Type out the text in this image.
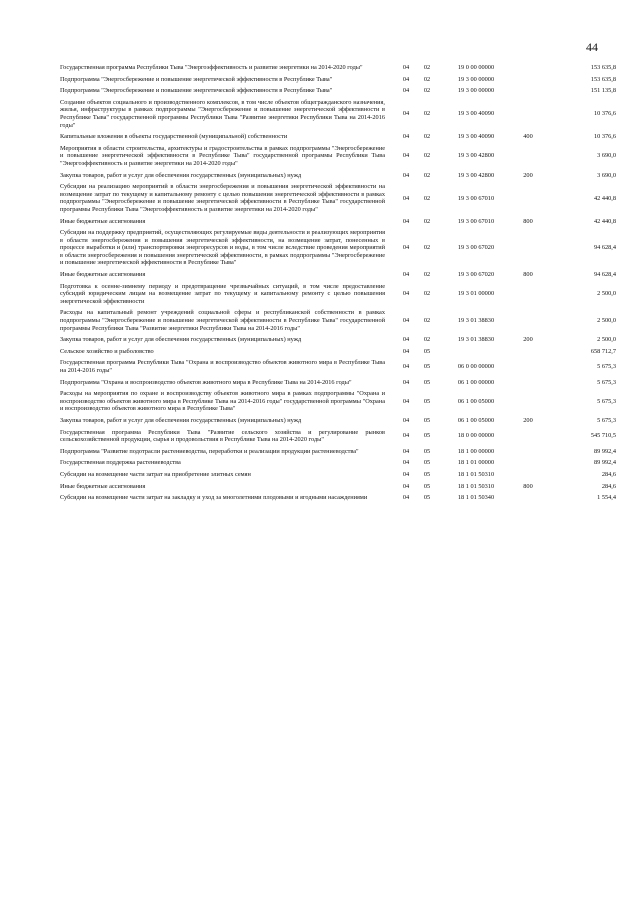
44
Государственная программа Республики Тыва "Энергоэффективность и развитие энергетики на 2014-2020 годы"	04	02	19 0 00 00000		153 635,8
Подпрограмма "Энергосбережение и повышение энергетической эффективности в Республике Тыва"	04	02	19 3 00 00000		153 635,8
Подпрограмма "Энергосбережение и повышение энергетической эффективности в Республике Тыва"	04	02	19 3 00 00000		151 135,8
Создание объектов социального и производственного комплексов, в том числе объектов общегражданского назначения, жилья, инфраструктуры в рамках подпрограммы "Энергосбережение и повышение энергетической эффективности в Республике Тыва" государственной программы Республики Тыва "Развитие энергетики Республики Тыва на 2014-2016 годы"	04	02	19 3 00 40090		10 376,6
Капитальные вложения в объекты государственной (муниципальной) собственности	04	02	19 3 00 40090	400	10 376,6
Мероприятия в области строительства, архитектуры и градостроительства в рамках подпрограммы "Энергосбережение и повышение энергетической эффективности в Республике Тыва" государственной программы Республики Тыва "Энергоэффективность и развитие энергетики на 2014-2020 годы"	04	02	19 3 00 42800		3 690,0
Закупка товаров, работ и услуг для обеспечения государственных (муниципальных) нужд	04	02	19 3 00 42800	200	3 690,0
Субсидии на реализацию мероприятий в области энергосбережения и повышения энергетической эффективности на возмещение затрат по текущему и капитальному ремонту с целью повышения энергетической эффективности в рамках подпрограммы "Энергосбережение и повышение энергетической эффективности в Республике Тыва" государственной программы Республики Тыва "Энергоэффективность и развитие энергетики на 2014-2020 годы"	04	02	19 3 00 67010		42 440,8
Иные бюджетные ассигнования	04	02	19 3 00 67010	800	42 440,8
Субсидии на поддержку предприятий, осуществляющих регулируемые виды деятельности и реализующих мероприятия в области энергосбережения и повышения энергетической эффективности, на возмещение затрат, понесенных в процессе выработки и (или) транспортировки энергоресурсов и воды, в том числе вследствие проведения мероприятий в области энергосбережения и повышения энергетической эффективности, в рамках подпрограммы "Энергосбережение и повышение энергетической эффективности в Республике Тыва"	04	02	19 3 00 67020		94 628,4
Иные бюджетные ассигнования	04	02	19 3 00 67020	800	94 628,4
Подготовка к осенне-зимнему периоду и предотвращение чрезвычайных ситуаций, в том числе предоставление субсидий юридическим лицам на возмещение затрат по текущему и капитальному ремонту с целью повышения энергетической эффективности	04	02	19 3 01 00000		2 500,0
Расходы на капитальный ремонт учреждений социальной сферы и республиканской собственности в рамках подпрограммы "Энергосбережение и повышение энергетической эффективности в Республике Тыва" государственной программы Республики Тыва "Развитие энергетики Республики Тыва на 2014-2016 годы"	04	02	19 3 01 38830		2 500,0
Закупка товаров, работ и услуг для обеспечения государственных (муниципальных) нужд	04	02	19 3 01 38830	200	2 500,0
Сельское хозяйство и рыболовство	04	05			658 712,7
Государственная программа Республики Тыва "Охрана и воспроизводство объектов животного мира в Республике Тыва на 2014-2016 годы"	04	05	06 0 00 00000		5 675,3
Подпрограмма "Охрана и воспроизводство объектов животного мира в Республике Тыва на 2014-2016 годы"	04	05	06 1 00 00000		5 675,3
Расходы на мероприятия по охране и воспроизводству объектов животного мира в рамках подпрограммы "Охрана и воспроизводство объектов животного мира в Республике Тыва на 2014-2016 годы" государственной программы "Охрана и воспроизводство объектов животного мира в Республике Тыва"	04	05	06 1 00 05000		5 675,3
Закупка товаров, работ и услуг для обеспечения государственных (муниципальных) нужд	04	05	06 1 00 05000	200	5 675,3
Государственная программа Республики Тыва "Развитие сельского хозяйства и регулирование рынков сельскохозяйственной продукции, сырья и продовольствия в Республике Тыва на 2014-2020 годы"	04	05	18 0 00 00000		545 710,5
Подпрограмма "Развитие подотрасли растениеводства, переработки и реализации продукции растениеводства"	04	05	18 1 00 00000		89 992,4
Государственная поддержка растениеводства	04	05	18 1 01 00000		89 992,4
Субсидии на возмещение части затрат на приобретение элитных семян	04	05	18 1 01 50310		284,6
Иные бюджетные ассигнования	04	05	18 1 01 50310	800	284,6
Субсидии на возмещение части затрат на закладку и уход за многолетними плодовыми и ягодными насаждениями	04	05	18 1 01 50340		1 554,4
